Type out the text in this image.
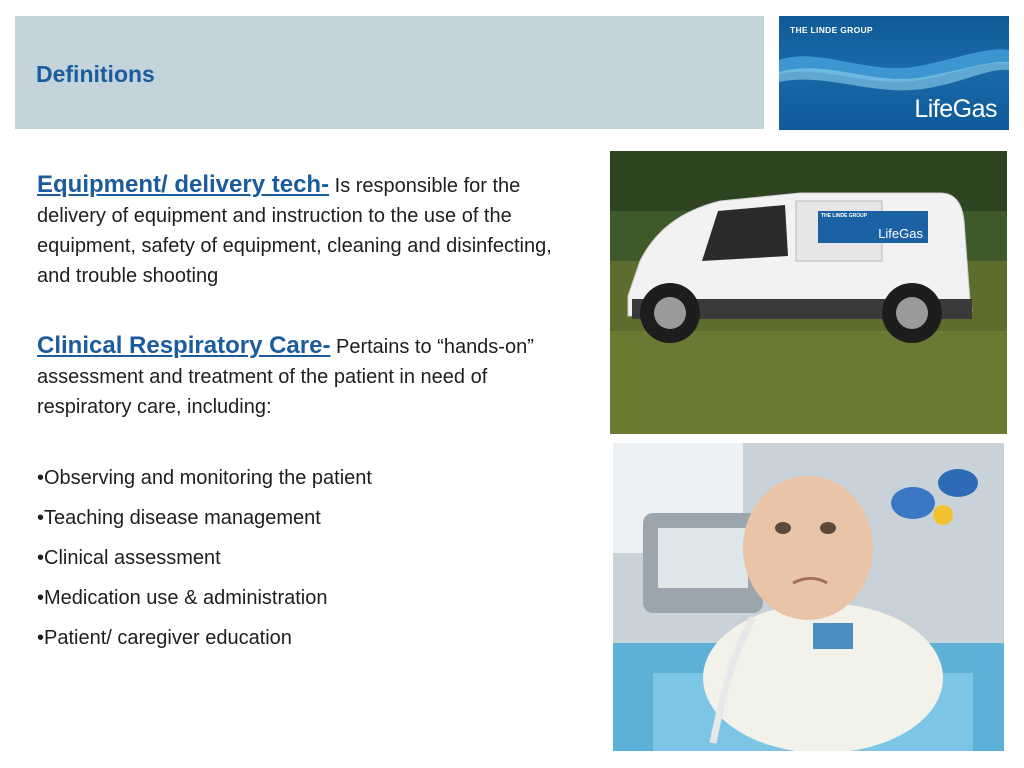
Definitions
THE LINDE GROUP
LifeGas

Equipment/ delivery tech- Is responsible for the delivery of equipment and instruction to the use of the equipment, safety of equipment, cleaning and disinfecting, and trouble shooting

Clinical Respiratory Care- Pertains to “hands-on” assessment and treatment of the patient in need of respiratory care, including:

•Observing and monitoring the patient
•Teaching disease management
•Clinical assessment
•Medication use & administration
•Patient/ caregiver education
THE LINDE GROUP
LifeGas
